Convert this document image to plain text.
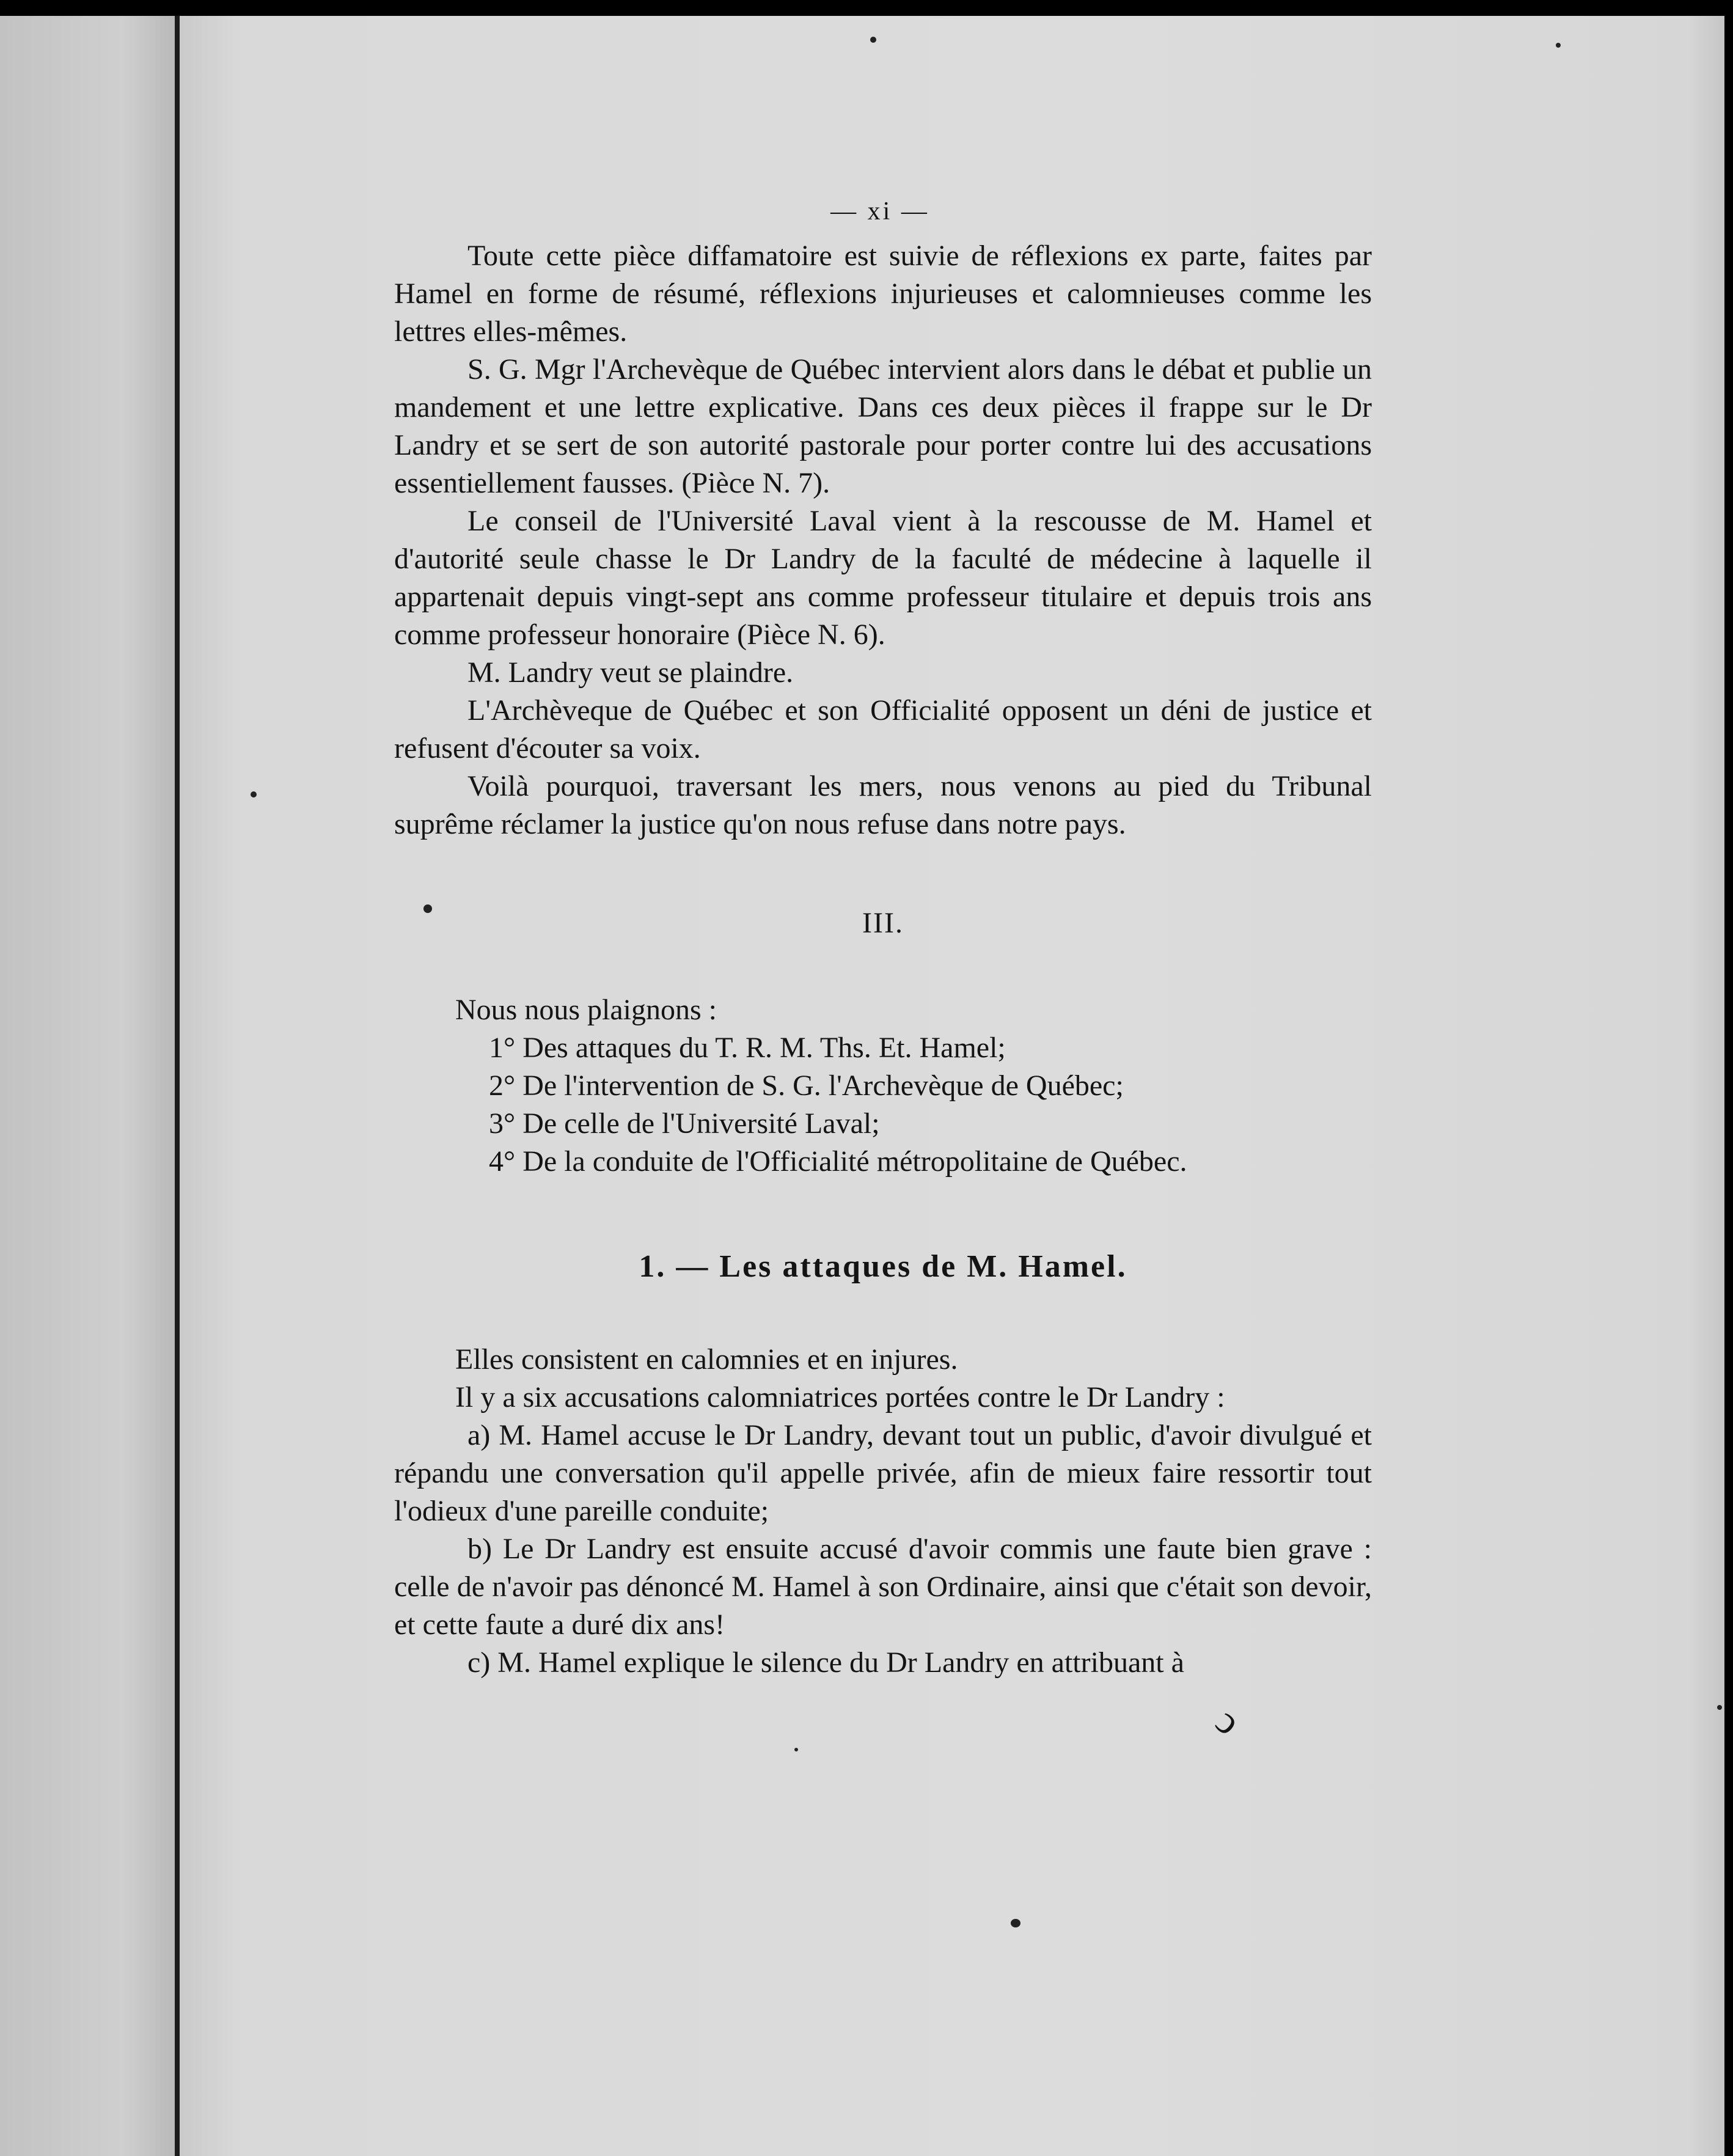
— xi —

Toute cette pièce diffamatoire est suivie de réflexions ex parte, faites par Hamel en forme de résumé, réflexions injurieuses et calomnieuses comme les lettres elles-mêmes.

S. G. Mgr l'Archevèque de Québec intervient alors dans le débat et publie un mandement et une lettre explicative. Dans ces deux pièces il frappe sur le Dr Landry et se sert de son autorité pastorale pour porter contre lui des accusations essentiellement fausses. (Pièce N. 7).

Le conseil de l'Université Laval vient à la rescousse de M. Hamel et d'autorité seule chasse le Dr Landry de la faculté de médecine à laquelle il appartenait depuis vingt-sept ans comme professeur titulaire et depuis trois ans comme professeur honoraire (Pièce N. 6).

M. Landry veut se plaindre.

L'Archèveque de Québec et son Officialité opposent un déni de justice et refusent d'écouter sa voix.

Voilà pourquoi, traversant les mers, nous venons au pied du Tribunal suprême réclamer la justice qu'on nous refuse dans notre pays.

III.

Nous nous plaignons :

1° Des attaques du T. R. M. Ths. Et. Hamel;

2° De l'intervention de S. G. l'Archevèque de Québec;

3° De celle de l'Université Laval;

4° De la conduite de l'Officialité métropolitaine de Québec.

1. — Les attaques de M. Hamel.

Elles consistent en calomnies et en injures.

Il y a six accusations calomniatrices portées contre le Dr Landry :

a) M. Hamel accuse le Dr Landry, devant tout un public, d'avoir divulgué et répandu une conversation qu'il appelle privée, afin de mieux faire ressortir tout l'odieux d'une pareille conduite;

b) Le Dr Landry est ensuite accusé d'avoir commis une faute bien grave : celle de n'avoir pas dénoncé M. Hamel à son Ordinaire, ainsi que c'était son devoir, et cette faute a duré dix ans!

c) M. Hamel explique le silence du Dr Landry en attribuant à

ↄ
